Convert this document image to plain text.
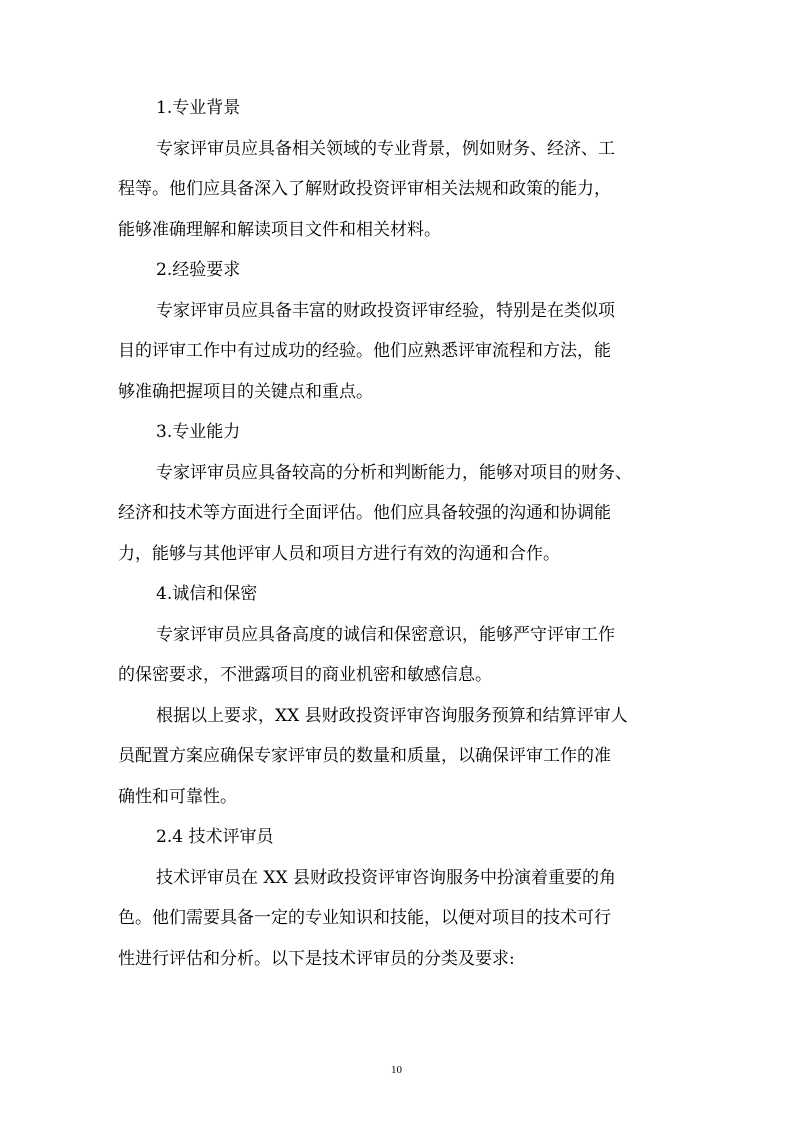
1.专业背景

专家评审员应具备相关领域的专业背景，例如财务、经济、工
程等。他们应具备深入了解财政投资评审相关法规和政策的能力，
能够准确理解和解读项目文件和相关材料。

2.经验要求

专家评审员应具备丰富的财政投资评审经验，特别是在类似项
目的评审工作中有过成功的经验。他们应熟悉评审流程和方法，能
够准确把握项目的关键点和重点。

3.专业能力

专家评审员应具备较高的分析和判断能力，能够对项目的财务、
经济和技术等方面进行全面评估。他们应具备较强的沟通和协调能
力，能够与其他评审人员和项目方进行有效的沟通和合作。

4.诚信和保密

专家评审员应具备高度的诚信和保密意识，能够严守评审工作
的保密要求，不泄露项目的商业机密和敏感信息。

根据以上要求，XX 县财政投资评审咨询服务预算和结算评审人
员配置方案应确保专家评审员的数量和质量，以确保评审工作的准
确性和可靠性。

2.4 技术评审员

技术评审员在 XX 县财政投资评审咨询服务中扮演着重要的角
色。他们需要具备一定的专业知识和技能，以便对项目的技术可行
性进行评估和分析。以下是技术评审员的分类及要求:

10
